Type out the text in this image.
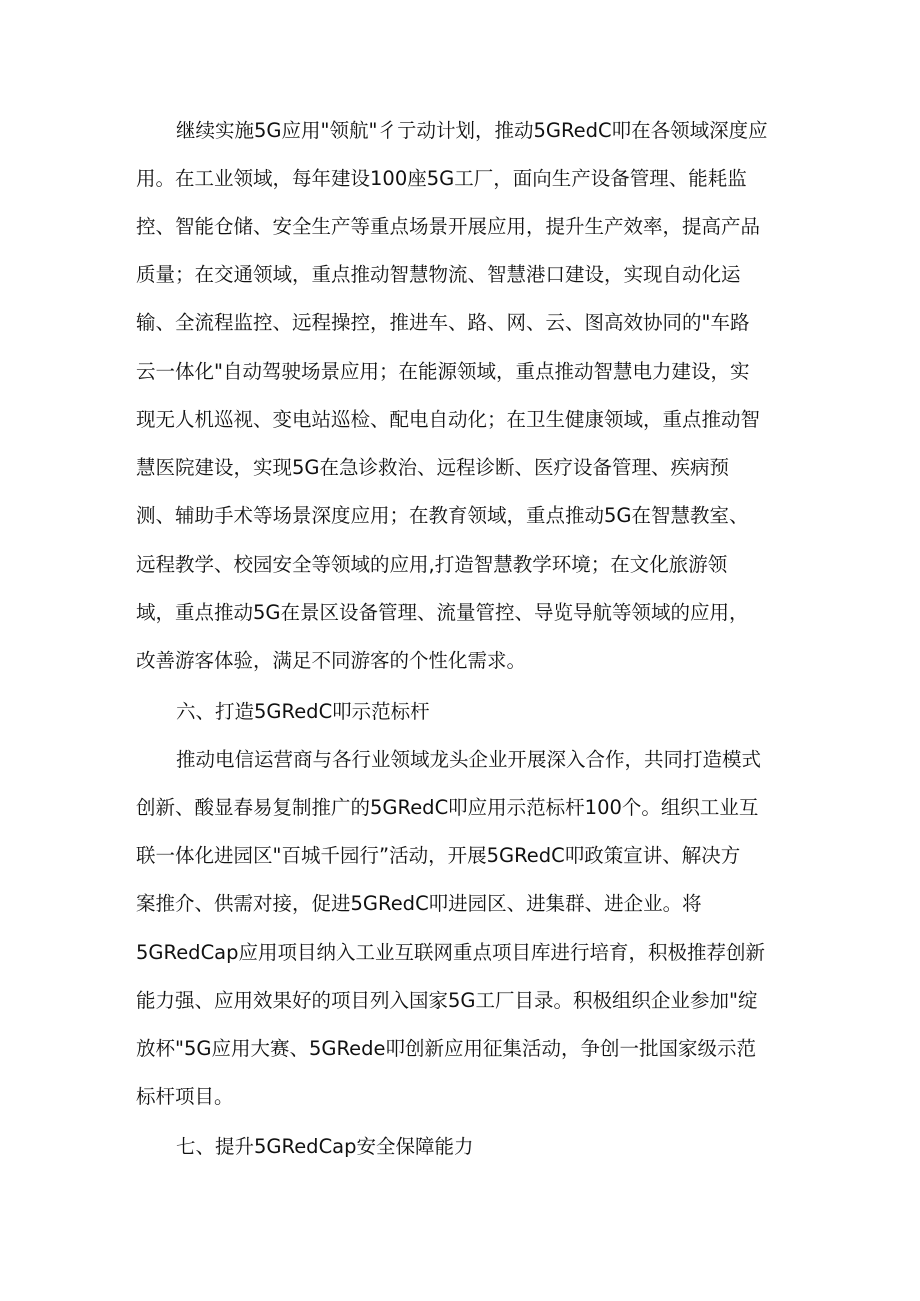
继续实施5G应用"领航"彳亍动计划，推动5GRedC叩在各领域深度应
用。在工业领域，每年建设100座5G工厂，面向生产设备管理、能耗监
控、智能仓储、安全生产等重点场景开展应用，提升生产效率，提高产品
质量；在交通领域，重点推动智慧物流、智慧港口建设，实现自动化运
输、全流程监控、远程操控，推进车、路、网、云、图高效协同的"车路
云一体化"自动驾驶场景应用；在能源领域，重点推动智慧电力建设，实
现无人机巡视、变电站巡检、配电自动化；在卫生健康领域，重点推动智
慧医院建设，实现5G在急诊救治、远程诊断、医疗设备管理、疾病预
测、辅助手术等场景深度应用；在教育领域，重点推动5G在智慧教室、
远程教学、校园安全等领域的应用,打造智慧教学环境；在文化旅游领
域，重点推动5G在景区设备管理、流量管控、导览导航等领域的应用，
改善游客体验，满足不同游客的个性化需求。
六、打造5GRedC叩示范标杆
推动电信运营商与各行业领域龙头企业开展深入合作，共同打造模式
创新、酸显春易复制推广的5GRedC叩应用示范标杆100个。组织工业互
联一体化进园区"百城千园行”活动，开展5GRedC叩政策宣讲、解决方
案推介、供需对接，促进5GRedC叩进园区、进集群、进企业。将
5GRedCap应用项目纳入工业互联网重点项目库进行培育，积极推荐创新
能力强、应用效果好的项目列入国家5G工厂目录。积极组织企业参加"绽
放杯"5G应用大赛、5GRede叩创新应用征集活动，争创一批国家级示范
标杆项目。
七、提升5GRedCap安全保障能力
